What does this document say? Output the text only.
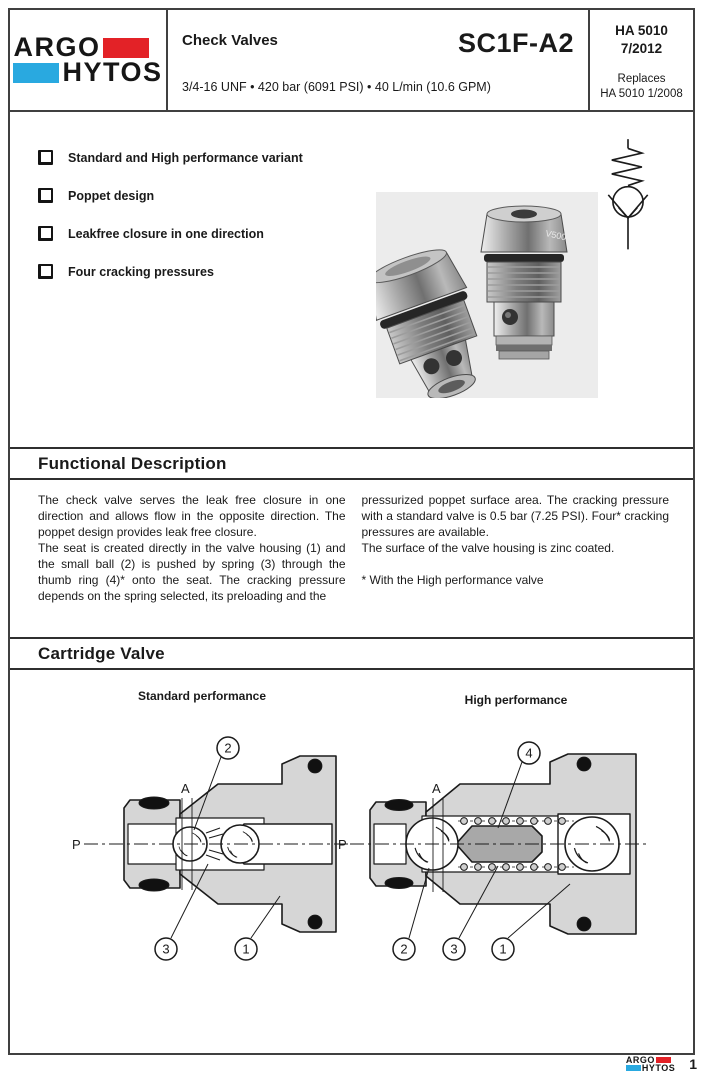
ARGO
HYTOS
Check Valves
3/4-16 UNF • 420 bar (6091 PSI) • 40 L/min (10.6 GPM)
SC1F-A2	HA 5010
7/2012
Replaces
HA 5010 1/2008
Standard and High performance variant
Poppet design
Leakfree closure in one direction
Four cracking pressures
V500
Functional Description

The check valve serves the leak free closure in one direction and allows flow in the opposite direction. The poppet design provides leak free closure.

The seat is created directly in the valve housing (1) and the small ball (2) is pushed by spring (3) through the thumb ring (4)* onto the seat. The cracking pressure depends on the spring selected, its preloading and the

pressurized poppet surface area. The cracking pressure with a standard valve is 0.5 bar (7.25 PSI). Four* cracking pressures are available.

The surface of the valve housing is zinc coated.

* With the High performance valve

Cartridge Valve
Standard performance	High performance
P
A
2
3	1
P
A
4
2	3	1
ARGO
HYTOS 1
